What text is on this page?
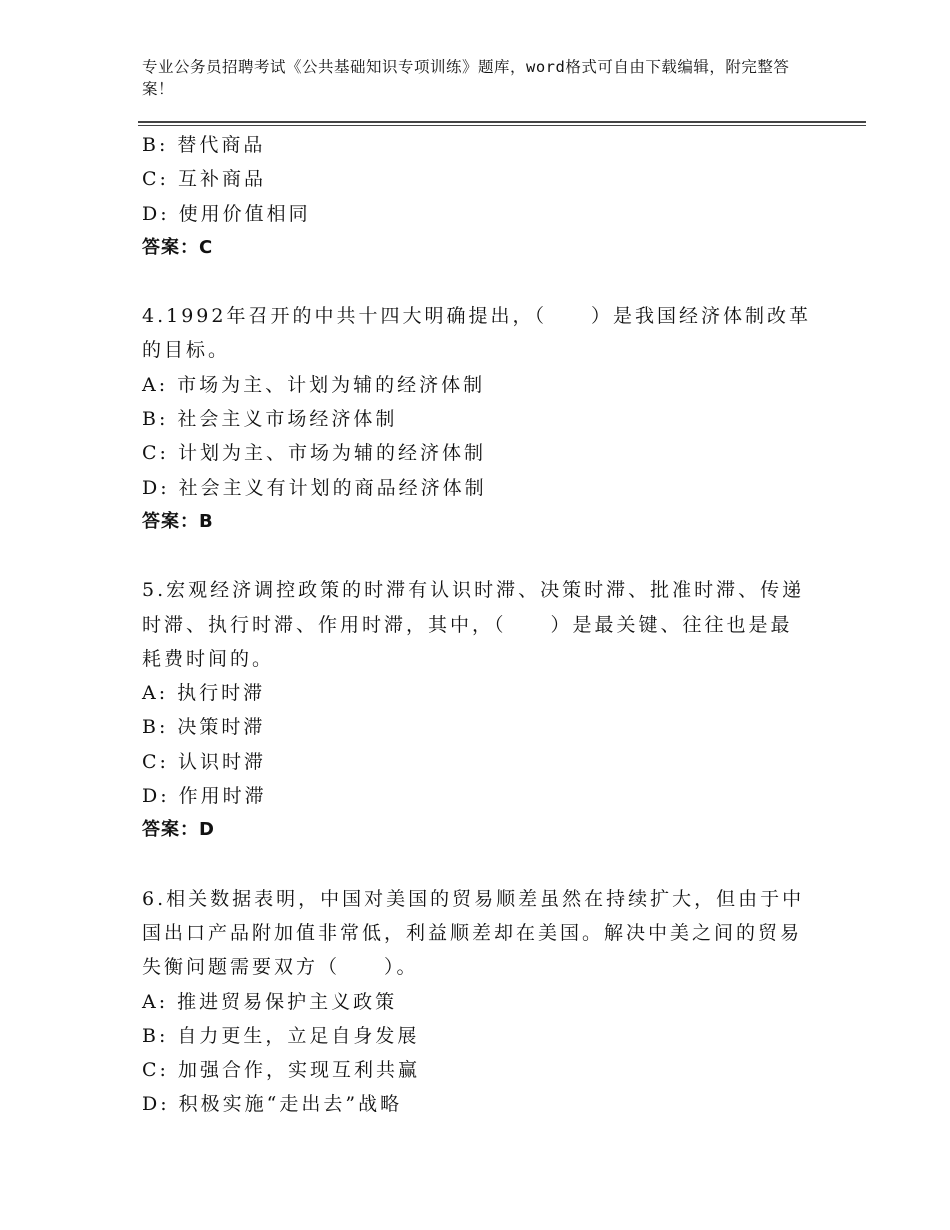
专业公务员招聘考试《公共基础知识专项训练》题库，word格式可自由下载编辑，附完整答案！
B: 替代商品
C: 互补商品
D: 使用价值相同
答案：C
4.1992年召开的中共十四大明确提出，（　　）是我国经济体制改革的目标。
A: 市场为主、计划为辅的经济体制
B: 社会主义市场经济体制
C: 计划为主、市场为辅的经济体制
D: 社会主义有计划的商品经济体制
答案：B
5.宏观经济调控政策的时滞有认识时滞、决策时滞、批准时滞、传递时滞、执行时滞、作用时滞，其中，（　　）是最关键、往往也是最耗费时间的。
A: 执行时滞
B: 决策时滞
C: 认识时滞
D: 作用时滞
答案：D
6.相关数据表明，中国对美国的贸易顺差虽然在持续扩大，但由于中国出口产品附加值非常低，利益顺差却在美国。解决中美之间的贸易失衡问题需要双方（　　）。
A: 推进贸易保护主义政策
B: 自力更生，立足自身发展
C: 加强合作，实现互利共赢
D: 积极实施“走出去”战略
